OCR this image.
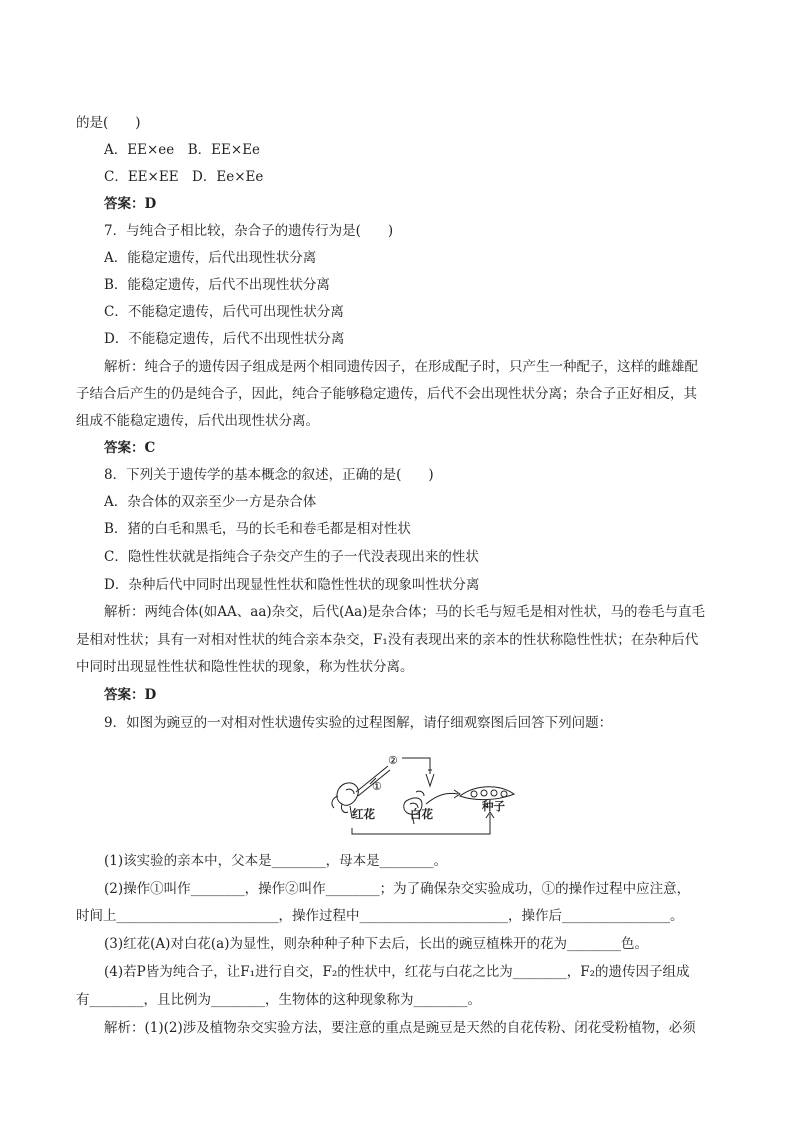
的是(　　)
A．EE×ee　B．EE×Ee
C．EE×EE　D．Ee×Ee
答案：D
7．与纯合子相比较，杂合子的遗传行为是(　　)
A．能稳定遗传，后代出现性状分离
B．能稳定遗传，后代不出现性状分离
C．不能稳定遗传，后代可出现性状分离
D．不能稳定遗传，后代不出现性状分离
解析：纯合子的遗传因子组成是两个相同遗传因子，在形成配子时，只产生一种配子，这样的雌雄配
子结合后产生的仍是纯合子，因此，纯合子能够稳定遗传，后代不会出现性状分离；杂合子正好相反，其
组成不能稳定遗传，后代出现性状分离。
答案：C
8．下列关于遗传学的基本概念的叙述，正确的是(　　)
A．杂合体的双亲至少一方是杂合体
B．猪的白毛和黑毛，马的长毛和卷毛都是相对性状
C．隐性性状就是指纯合子杂交产生的子一代没表现出来的性状
D．杂种后代中同时出现显性性状和隐性性状的现象叫性状分离
解析：两纯合体(如AA、aa)杂交，后代(Aa)是杂合体；马的长毛与短毛是相对性状，马的卷毛与直毛
是相对性状；具有一对相对性状的纯合亲本杂交，F₁没有表现出来的亲本的性状称隐性性状；在杂种后代
中同时出现显性性状和隐性性状的现象，称为性状分离。
答案：D
9．如图为豌豆的一对相对性状遗传实验的过程图解，请仔细观察图后回答下列问题：
(1)该实验的亲本中，父本是________，母本是________。
(2)操作①叫作________，操作②叫作________；为了确保杂交实验成功，①的操作过程中应注意，
时间上________________________，操作过程中______________________，操作后________________。
(3)红花(A)对白花(a)为显性，则杂种种子种下去后，长出的豌豆植株开的花为________色。
(4)若P皆为纯合子，让F₁进行自交，F₂的性状中，红花与白花之比为________，F₂的遗传因子组成
有________，且比例为________，生物体的这种现象称为________。
解析：(1)(2)涉及植物杂交实验方法，要注意的重点是豌豆是天然的自花传粉、闭花受粉植物，必须
①
②
红花	白花
种子
